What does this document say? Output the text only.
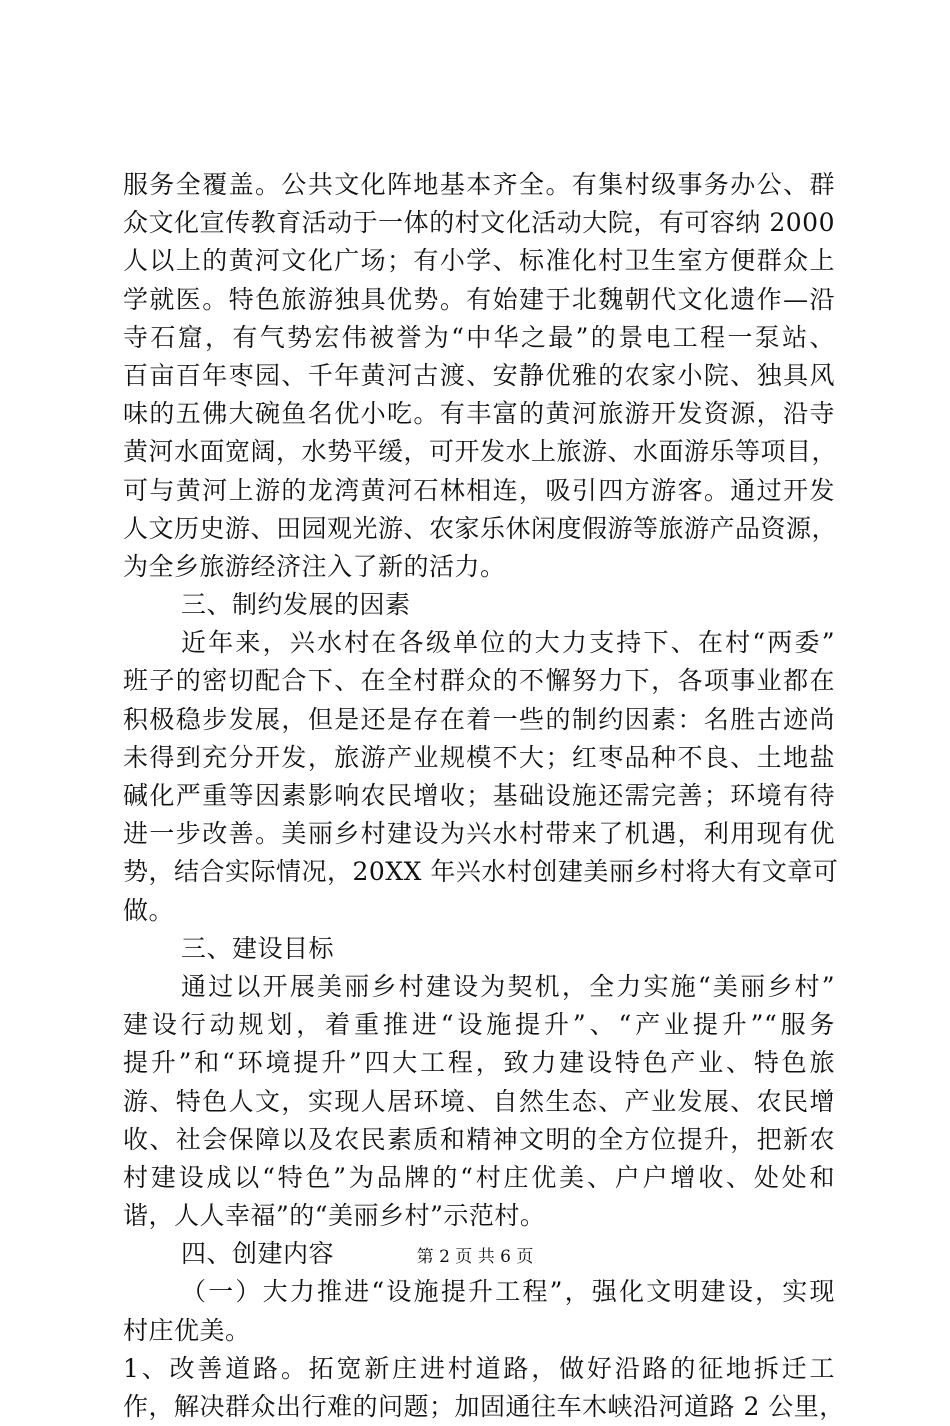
服务全覆盖。公共文化阵地基本齐全。有集村级事务办公、群
众文化宣传教育活动于一体的村文化活动大院，有可容纳 2000
人以上的黄河文化广场；有小学、标准化村卫生室方便群众上
学就医。特色旅游独具优势。有始建于北魏朝代文化遗作—沿
寺石窟，有气势宏伟被誉为“中华之最”的景电工程一泵站、
百亩百年枣园、千年黄河古渡、安静优雅的农家小院、独具风
味的五佛大碗鱼名优小吃。有丰富的黄河旅游开发资源，沿寺
黄河水面宽阔，水势平缓，可开发水上旅游、水面游乐等项目，
可与黄河上游的龙湾黄河石林相连，吸引四方游客。通过开发
人文历史游、田园观光游、农家乐休闲度假游等旅游产品资源，
为全乡旅游经济注入了新的活力。
三、制约发展的因素
近年来，兴水村在各级单位的大力支持下、在村“两委”
班子的密切配合下、在全村群众的不懈努力下，各项事业都在
积极稳步发展，但是还是存在着一些的制约因素：名胜古迹尚
未得到充分开发，旅游产业规模不大；红枣品种不良、土地盐
碱化严重等因素影响农民增收；基础设施还需完善；环境有待
进一步改善。美丽乡村建设为兴水村带来了机遇，利用现有优
势，结合实际情况，20XX 年兴水村创建美丽乡村将大有文章可
做。
三、建设目标
通过以开展美丽乡村建设为契机，全力实施“美丽乡村”
建设行动规划，着重推进“设施提升”、“产业提升”“服务
提升”和“环境提升”四大工程，致力建设特色产业、特色旅
游、特色人文，实现人居环境、自然生态、产业发展、农民增
收、社会保障以及农民素质和精神文明的全方位提升，把新农
村建设成以“特色”为品牌的“村庄优美、户户增收、处处和
谐，人人幸福”的“美丽乡村”示范村。
四、创建内容
（一）大力推进“设施提升工程”，强化文明建设，实现
村庄优美。
1、改善道路。拓宽新庄进村道路，做好沿路的征地拆迁工
作，解决群众出行难的问题；加固通往车木峡沿河道路 2 公里，
第 2 页 共 6 页
